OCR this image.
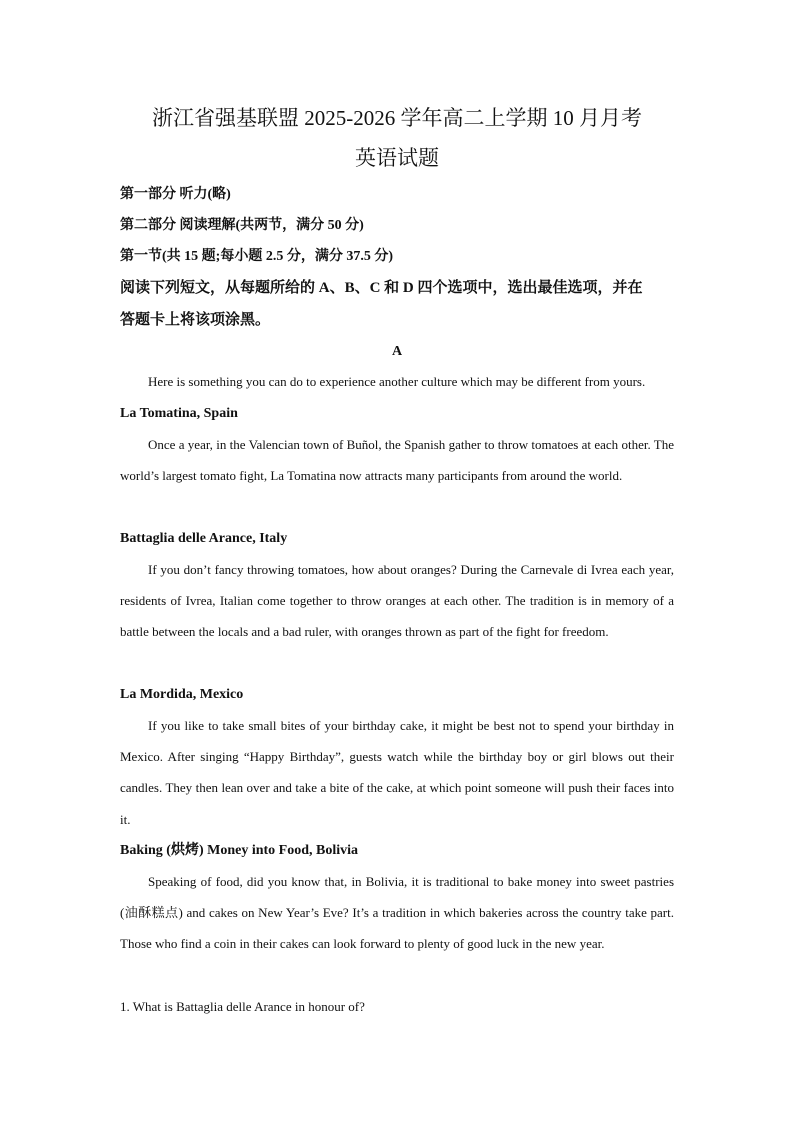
浙江省强基联盟 2025-2026 学年高二上学期 10 月月考
英语试题
第一部分 听力(略)
第二部分 阅读理解(共两节，满分 50 分)
第一节(共 15 题;每小题 2.5 分，满分 37.5 分)
阅读下列短文，从每题所给的 A、B、C 和 D 四个选项中，选出最佳选项，并在
答题卡上将该项涂黑。
A
Here is something you can do to experience another culture which may be different from yours.
La Tomatina, Spain
Once a year, in the Valencian town of Buñol, the Spanish gather to throw tomatoes at each other. The world’s largest tomato fight, La Tomatina now attracts many participants from around the world.
Battaglia delle Arance, Italy
If you don’t fancy throwing tomatoes, how about oranges? During the Carnevale di Ivrea each year, residents of Ivrea, Italian come together to throw oranges at each other. The tradition is in memory of a battle between the locals and a bad ruler, with oranges thrown as part of the fight for freedom.
La Mordida, Mexico
If you like to take small bites of your birthday cake, it might be best not to spend your birthday in Mexico. After singing “Happy Birthday”, guests watch while the birthday boy or girl blows out their candles. They then lean over and take a bite of the cake, at which point someone will push their faces into it.
Baking (烘烤) Money into Food, Bolivia
Speaking of food, did you know that, in Bolivia, it is traditional to bake money into sweet pastries (油酥糕点) and cakes on New Year’s Eve? It’s a tradition in which bakeries across the country take part. Those who find a coin in their cakes can look forward to plenty of good luck in the new year.
1. What is Battaglia delle Arance in honour of?
